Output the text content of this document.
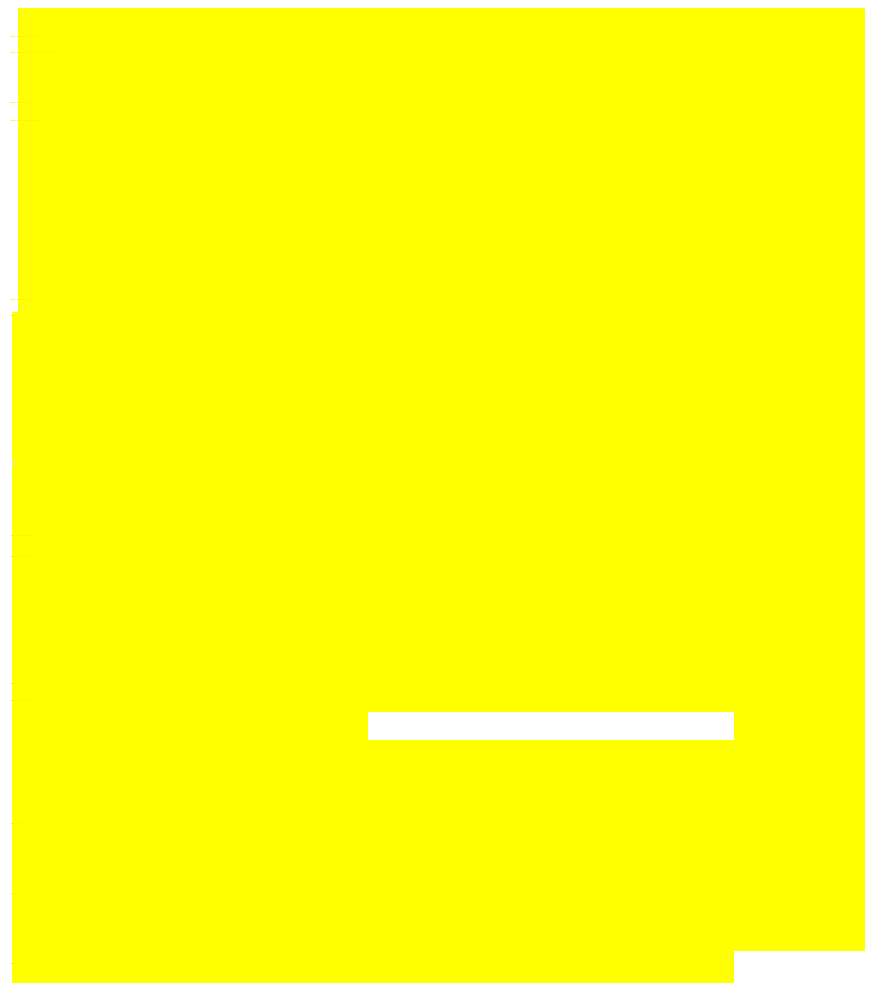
———
————
——
———
——
—
ƒ
——
——
—
——
—
—
—
